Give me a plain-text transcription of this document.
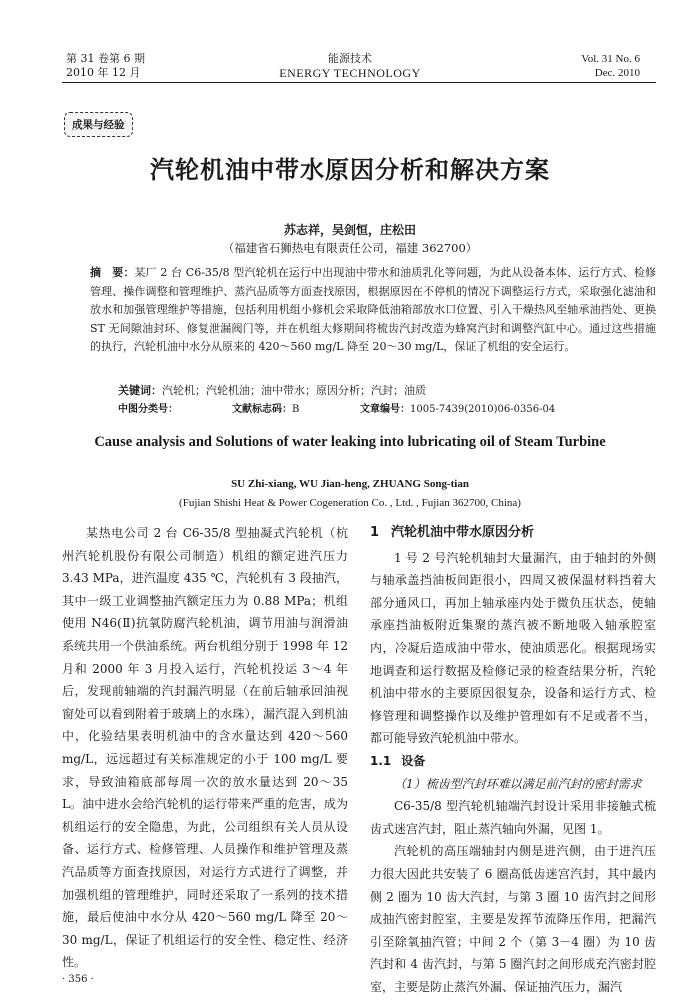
第 31 卷第 6 期
2010 年 12 月
能源技术
ENERGY TECHNOLOGY
Vol. 31 No. 6
Dec. 2010
成果与经验
汽轮机油中带水原因分析和解决方案
苏志祥，吴剑恒，庄松田
（福建省石狮热电有限责任公司，福建 362700）
摘　要：某厂 2 台 C6-35/8 型汽轮机在运行中出现油中带水和油质乳化等问题，为此从设备本体、运行方式、检修管理、操作调整和管理维护、蒸汽品质等方面查找原因，根据原因在不停机的情况下调整运行方式，采取强化滤油和放水和加强管理维护等措施，包括利用机组小修机会采取降低油箱部放水口位置、引入干燥热风至轴承油挡处、更换 ST 无间隙油封环、修复泄漏阀门等，并在机组大修期间将梳齿汽封改造为蜂窝汽封和调整汽缸中心。通过这些措施的执行，汽轮机油中水分从原来的 420～560 mg/L 降至 20～30 mg/L，保证了机组的安全运行。
关键词：汽轮机；汽轮机油；油中带水；原因分析；汽封；油质
中图分类号：	文献标志码：B	文章编号：1005-7439(2010)06-0356-04
Cause analysis and Solutions of water leaking into lubricating oil of Steam Turbine
SU Zhi-xiang, WU Jian-heng, ZHUANG Song-tian
(Fujian Shishi Heat & Power Cogeneration Co. , Ltd. , Fujian 362700, China)

某热电公司 2 台 C6-35/8 型抽凝式汽轮机（杭州汽轮机股份有限公司制造）机组的额定进汽压力 3.43 MPa，进汽温度 435 ℃，汽轮机有 3 段抽汽，其中一级工业调整抽汽额定压力为 0.88 MPa；机组使用 N46(Ⅱ)抗氧防腐汽轮机油，调节用油与润滑油系统共用一个供油系统。两台机组分别于 1998 年 12 月和 2000 年 3 月投入运行，汽轮机投运 3～4 年后，发现前轴端的汽封漏汽明显（在前后轴承回油视窗处可以看到附着于玻璃上的水珠），漏汽混入到机油中，化验结果表明机油中的含水量达到 420～560 mg/L，远远超过有关标准规定的小于 100 mg/L 要求，导致油箱底部每周一次的放水量达到 20～35 L。油中进水会给汽轮机的运行带来严重的危害，成为机组运行的安全隐患，为此，公司组织有关人员从设备、运行方式、检修管理、人员操作和维护管理及蒸汽品质等方面查找原因，对运行方式进行了调整，并加强机组的管理维护，同时还采取了一系列的技术措施，最后使油中水分从 420～560 mg/L 降至 20～30 mg/L，保证了机组运行的安全性、稳定性、经济性。

1 汽轮机油中带水原因分析

1 号 2 号汽轮机轴封大量漏汽，由于轴封的外侧与轴承盖挡油板间距很小，四周又被保温材料挡着大部分通风口，再加上轴承座内处于微负压状态，使轴承座挡油板附近集聚的蒸汽被不断地吸入轴承腔室内，冷凝后造成油中带水，使油质恶化。根据现场实地调查和运行数据及检修记录的检查结果分析，汽轮机油中带水的主要原因很复杂，设备和运行方式、检修管理和调整操作以及维护管理如有不足或者不当，都可能导致汽轮机油中带水。

1.1 设备

（1）梳齿型汽封环难以满足前汽封的密封需求

C6-35/8 型汽轮机轴端汽封设计采用非接触式梳齿式迷宫汽封，阻止蒸汽轴向外漏，见图 1。

汽轮机的高压端轴封内侧是进汽侧，由于进汽压力很大因此共安装了 6 圈高低齿迷宫汽封，其中最内侧 2 圈为 10 齿大汽封，与第 3 圈 10 齿汽封之间形成抽汽密封腔室，主要是发挥节流降压作用，把漏汽引至除氧抽汽管；中间 2 个（第 3－4 圈）为 10 齿汽封和 4 齿汽封，与第 5 圈汽封之间形成充汽密封腔室，主要是防止蒸汽外漏、保证抽汽压力，漏汽

· 356 ·
